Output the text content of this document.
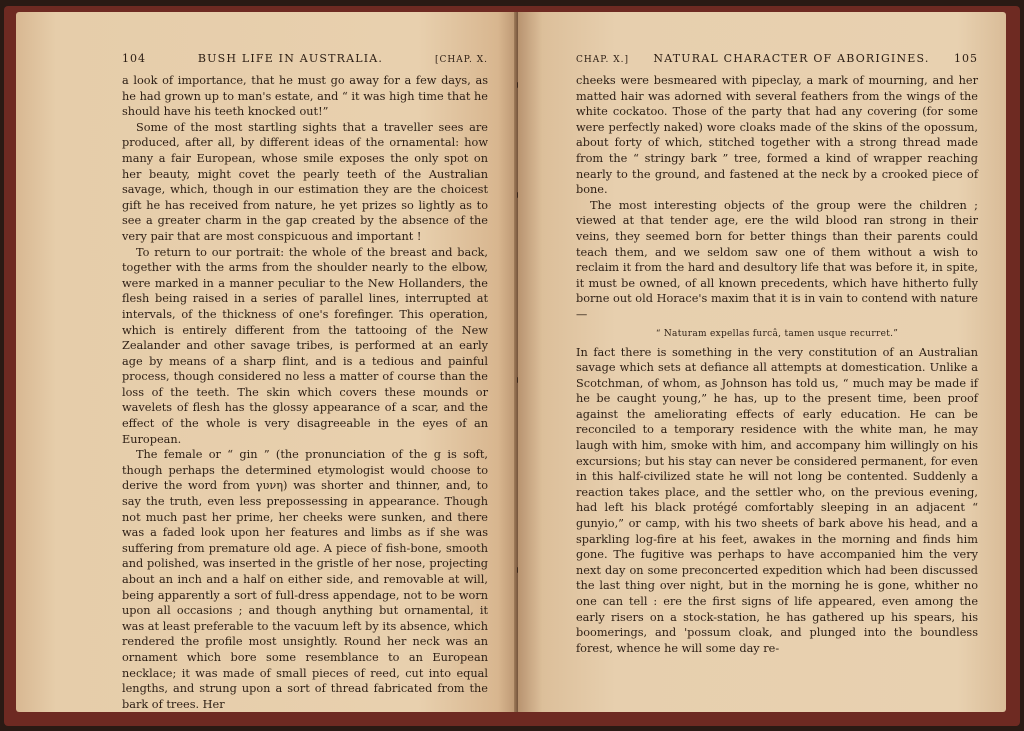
104	BUSH LIFE IN AUSTRALIA.	[CHAP. X.

a look of importance, that he must go away for a few days, as he had grown up to man's estate, and “ it was high time that he should have his teeth knocked out!”

Some of the most startling sights that a traveller sees are produced, after all, by different ideas of the ornamental: how many a fair European, whose smile exposes the only spot on her beauty, might covet the pearly teeth of the Australian savage, which, though in our estimation they are the choicest gift he has received from nature, he yet prizes so lightly as to see a greater charm in the gap created by the absence of the very pair that are most conspicuous and important !

To return to our portrait: the whole of the breast and back, together with the arms from the shoulder nearly to the elbow, were marked in a manner peculiar to the New Hollanders, the flesh being raised in a series of parallel lines, interrupted at intervals, of the thickness of one's forefinger. This operation, which is entirely different from the tattooing of the New Zealander and other savage tribes, is performed at an early age by means of a sharp flint, and is a tedious and painful process, though considered no less a matter of course than the loss of the teeth. The skin which covers these mounds or wavelets of flesh has the glossy appearance of a scar, and the effect of the whole is very disagreeable in the eyes of an European.

The female or “ gin ” (the pronunciation of the g is soft, though perhaps the determined etymologist would choose to derive the word from γυνη) was shorter and thinner, and, to say the truth, even less prepossessing in appearance. Though not much past her prime, her cheeks were sunken, and there was a faded look upon her features and limbs as if she was suffering from premature old age. A piece of fish-bone, smooth and polished, was inserted in the gristle of her nose, projecting about an inch and a half on either side, and removable at will, being apparently a sort of full-dress appendage, not to be worn upon all occasions ; and though anything but ornamental, it was at least preferable to the vacuum left by its absence, which rendered the profile most unsightly. Round her neck was an ornament which bore some resemblance to an European necklace; it was made of small pieces of reed, cut into equal lengths, and strung upon a sort of thread fabricated from the bark of trees. Her

CHAP. X.] NATURAL CHARACTER OF ABORIGINES. 105

cheeks were besmeared with pipeclay, a mark of mourning, and her matted hair was adorned with several feathers from the wings of the white cockatoo. Those of the party that had any covering (for some were perfectly naked) wore cloaks made of the skins of the opossum, about forty of which, stitched together with a strong thread made from the “ stringy bark ” tree, formed a kind of wrapper reaching nearly to the ground, and fastened at the neck by a crooked piece of bone.

The most interesting objects of the group were the children ; viewed at that tender age, ere the wild blood ran strong in their veins, they seemed born for better things than their parents could teach them, and we seldom saw one of them without a wish to reclaim it from the hard and desultory life that was before it, in spite, it must be owned, of all known precedents, which have hitherto fully borne out old Horace's maxim that it is in vain to contend with nature—

“ Naturam expellas furcâ, tamen usque recurret.”

In fact there is something in the very constitution of an Australian savage which sets at defiance all attempts at domestication. Unlike a Scotchman, of whom, as Johnson has told us, “ much may be made if he be caught young,” he has, up to the present time, been proof against the ameliorating effects of early education. He can be reconciled to a temporary residence with the white man, he may laugh with him, smoke with him, and accompany him willingly on his excursions; but his stay can never be considered permanent, for even in this half-civilized state he will not long be contented. Suddenly a reaction takes place, and the settler who, on the previous evening, had left his black protégé comfortably sleeping in an adjacent “ gunyio,” or camp, with his two sheets of bark above his head, and a sparkling log-fire at his feet, awakes in the morning and finds him gone. The fugitive was perhaps to have accompanied him the very next day on some preconcerted expedition which had been discussed the last thing over night, but in the morning he is gone, whither no one can tell : ere the first signs of life appeared, even among the early risers on a stock-station, he has gathered up his spears, his boomerings, and 'possum cloak, and plunged into the boundless forest, whence he will some day re-
